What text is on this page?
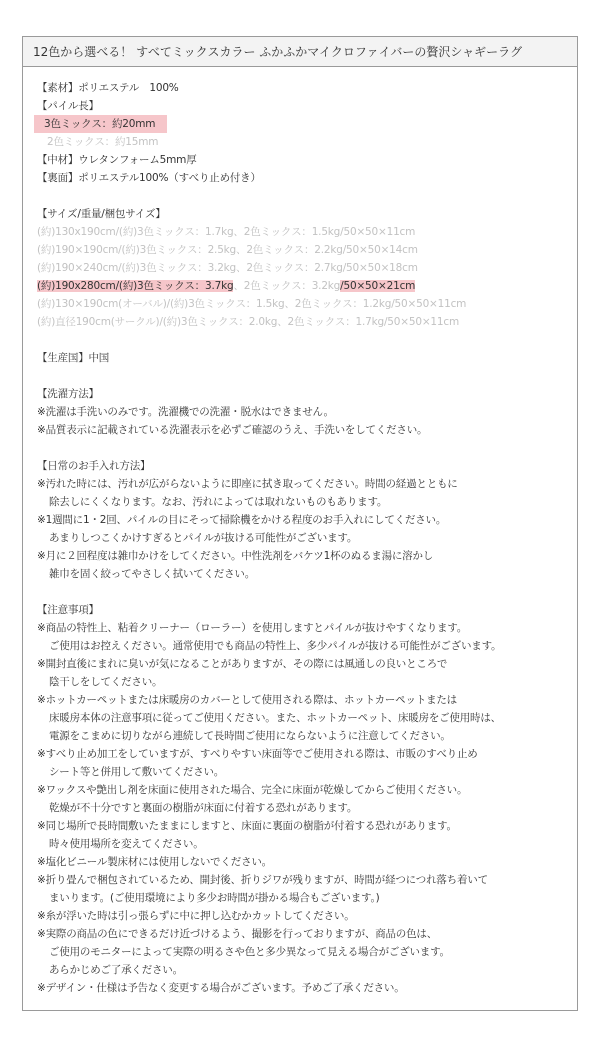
12色から選べる！ すべてミックスカラー ふかふかマイクロファイバーの贅沢シャギーラグ
【素材】ポリエステル　100%
【パイル長】
3色ミックス：約20mm
2色ミックス：約15mm
【中材】ウレタンフォーム5mm厚
【裏面】ポリエステル100%（すべり止め付き）
【サイズ/重量/梱包サイズ】
(約)130x190cm/(約)3色ミックス：1.7kg、2色ミックス：1.5kg/50×50×11cm
(約)190×190cm/(約)3色ミックス：2.5kg、2色ミックス：2.2kg/50×50×14cm
(約)190×240cm/(約)3色ミックス：3.2kg、2色ミックス：2.7kg/50×50×18cm
(約)190x280cm/(約)3色ミックス：3.7kg、2色ミックス：3.2kg/50×50×21cm
(約)130×190cm(オーバル)/(約)3色ミックス：1.5kg、2色ミックス：1.2kg/50×50×11cm
(約)直径190cm(サークル)/(約)3色ミックス：2.0kg、2色ミックス：1.7kg/50×50×11cm
【生産国】中国
【洗濯方法】
※洗濯は手洗いのみです。洗濯機での洗濯・脱水はできません。
※品質表示に記載されている洗濯表示を必ずご確認のうえ、手洗いをしてください。
【日常のお手入れ方法】
※汚れた時には、汚れが広がらないように即座に拭き取ってください。時間の経過とともに
除去しにくくなります。なお、汚れによっては取れないものもあります。
※1週間に1・2回、パイルの目にそって掃除機をかける程度のお手入れにしてください。
あまりしつこくかけすぎるとパイルが抜ける可能性がございます。
※月に２回程度は雑巾かけをしてください。中性洗剤をバケツ1杯のぬるま湯に溶かし
雑巾を固く絞ってやさしく拭いてください。
【注意事項】
※商品の特性上、粘着クリーナー（ローラー）を使用しますとパイルが抜けやすくなります。
ご使用はお控えください。通常使用でも商品の特性上、多少パイルが抜ける可能性がございます。
※開封直後にまれに臭いが気になることがありますが、その際には風通しの良いところで
陰干しをしてください。
※ホットカーペットまたは床暖房のカバーとして使用される際は、ホットカーペットまたは
床暖房本体の注意事項に従ってご使用ください。また、ホットカーペット、床暖房をご使用時は、
電源をこまめに切りながら連続して長時間ご使用にならないように注意してください。
※すべり止め加工をしていますが、すべりやすい床面等でご使用される際は、市販のすべり止め
シート等と併用して敷いてください。
※ワックスや艶出し剤を床面に使用された場合、完全に床面が乾燥してからご使用ください。
乾燥が不十分ですと裏面の樹脂が床面に付着する恐れがあります。
※同じ場所で長時間敷いたままにしますと、床面に裏面の樹脂が付着する恐れがあります。
時々使用場所を変えてください。
※塩化ビニール製床材には使用しないでください。
※折り畳んで梱包されているため、開封後、折りジワが残りますが、時間が経つにつれ落ち着いて
まいります。(ご使用環境により多少お時間が掛かる場合もございます。)
※糸が浮いた時は引っ張らずに中に押し込むかカットしてください。
※実際の商品の色にできるだけ近づけるよう、撮影を行っておりますが、商品の色は、
ご使用のモニターによって実際の明るさや色と多少異なって見える場合がございます。
あらかじめご了承ください。
※デザイン・仕様は予告なく変更する場合がございます。予めご了承ください。
